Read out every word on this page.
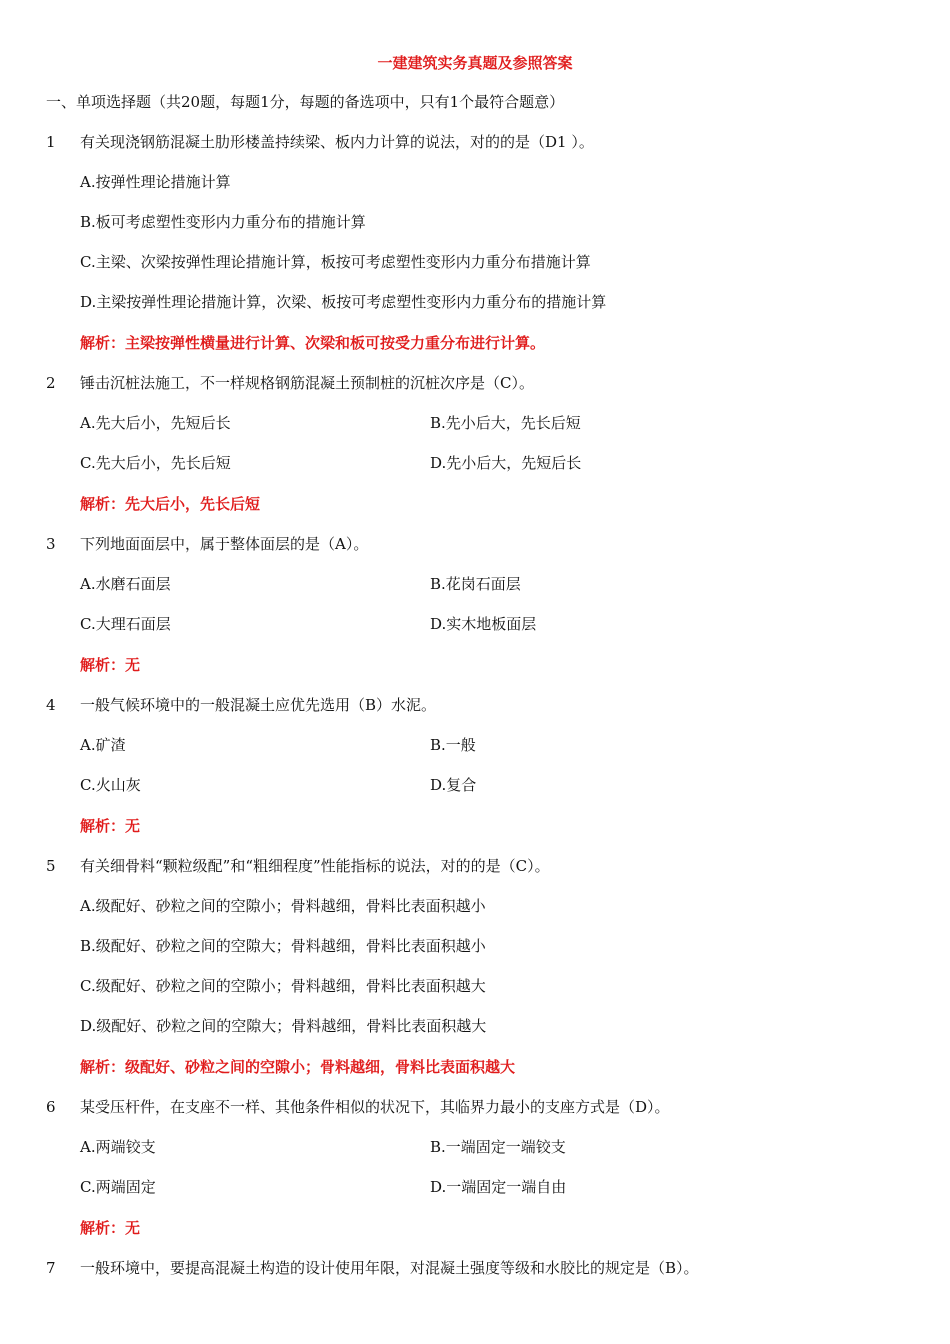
一建建筑实务真题及参照答案
一、单项选择题（共20题，每题1分，每题的备选项中，只有1个最符合题意）
1 有关现浇钢筋混凝土肋形楼盖持续梁、板内力计算的说法，对的的是（D1 ）。
A.按弹性理论措施计算
B.板可考虑塑性变形内力重分布的措施计算
C.主梁、次梁按弹性理论措施计算，板按可考虑塑性变形内力重分布措施计算
D.主梁按弹性理论措施计算，次梁、板按可考虑塑性变形内力重分布的措施计算
解析：主梁按弹性横量进行计算、次梁和板可按受力重分布进行计算。
2 锤击沉桩法施工，不一样规格钢筋混凝土预制桩的沉桩次序是（C）。
A.先大后小，先短后长	B.先小后大，先长后短
C.先大后小，先长后短	D.先小后大，先短后长
解析：先大后小，先长后短
3 下列地面面层中，属于整体面层的是（A）。
A.水磨石面层	B.花岗石面层
C.大理石面层	D.实木地板面层
解析：无
4 一般气候环境中的一般混凝土应优先选用（B）水泥。
A.矿渣	B.一般
C.火山灰	D.复合
解析：无
5 有关细骨料“颗粒级配”和“粗细程度”性能指标的说法，对的的是（C）。
A.级配好、砂粒之间的空隙小；骨料越细，骨料比表面积越小
B.级配好、砂粒之间的空隙大；骨料越细，骨料比表面积越小
C.级配好、砂粒之间的空隙小；骨料越细，骨料比表面积越大
D.级配好、砂粒之间的空隙大；骨料越细，骨料比表面积越大
解析：级配好、砂粒之间的空隙小；骨料越细，骨料比表面积越大
6 某受压杆件，在支座不一样、其他条件相似的状况下，其临界力最小的支座方式是（D）。
A.两端铰支	B.一端固定一端铰支
C.两端固定	D.一端固定一端自由
解析：无
7 一般环境中，要提高混凝土构造的设计使用年限，对混凝土强度等级和水胶比的规定是（B）。
